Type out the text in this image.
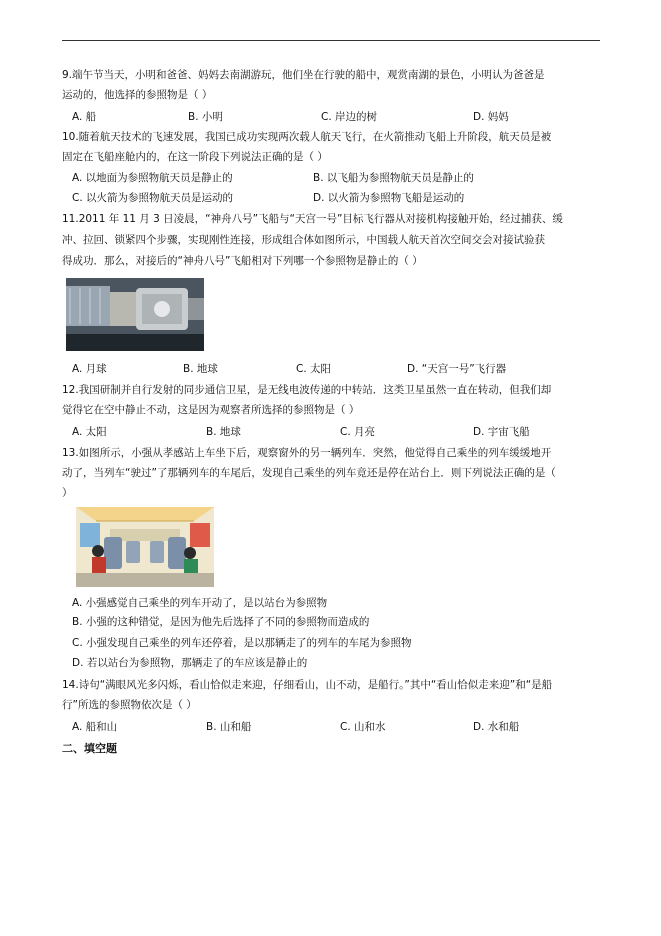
9.端午节当天，小明和爸爸、妈妈去南湖游玩，他们坐在行驶的船中，观赏南湖的景色，小明认为爸爸是
运动的，他选择的参照物是（ ）
A. 船	B. 小明	C. 岸边的树	D. 妈妈
10.随着航天技术的飞速发展，我国已成功实现两次载人航天飞行，在火箭推动飞船上升阶段，航天员是被
固定在飞船座舱内的，在这一阶段下列说法正确的是（ ）
A. 以地面为参照物航天员是静止的	B. 以飞船为参照物航天员是静止的
C. 以火箭为参照物航天员是运动的	D. 以火箭为参照物飞船是运动的
11.2011 年 11 月 3 日凌晨，“神舟八号”飞船与“天宫一号”目标飞行器从对接机构接触开始，经过捕获、缓
冲、拉回、锁紧四个步骤，实现刚性连接，形成组合体如图所示，中国载人航天首次空间交会对接试验获
得成功．那么，对接后的“神舟八号”飞船相对下列哪一个参照物是静止的（ ）
A. 月球	B. 地球	C. 太阳	D. “天宫一号”飞行器
12.我国研制并自行发射的同步通信卫星，是无线电波传递的中转站．这类卫星虽然一直在转动，但我们却
觉得它在空中静止不动，这是因为观察者所选择的参照物是（ ）
A. 太阳	B. 地球	C. 月亮	D. 宇宙飞船
13.如图所示，小强从孝感站上车坐下后，观察窗外的另一辆列车．突然，他觉得自己乘坐的列车缓缓地开
动了，当列车“驶过”了那辆列车的车尾后，发现自己乘坐的列车竟还是停在站台上．则下列说法正确的是（
）
A. 小强感觉自己乘坐的列车开动了，是以站台为参照物
B. 小强的这种错觉，是因为他先后选择了不同的参照物而造成的
C. 小强发现自己乘坐的列车还停着，是以那辆走了的列车的车尾为参照物
D. 若以站台为参照物，那辆走了的车应该是静止的
14.诗句“满眼风光多闪烁，看山恰似走来迎，仔细看山，山不动，是船行。”其中“看山恰似走来迎”和“是船
行”所选的参照物依次是（ ）
A. 船和山	B. 山和船	C. 山和水	D. 水和船
二、填空题
